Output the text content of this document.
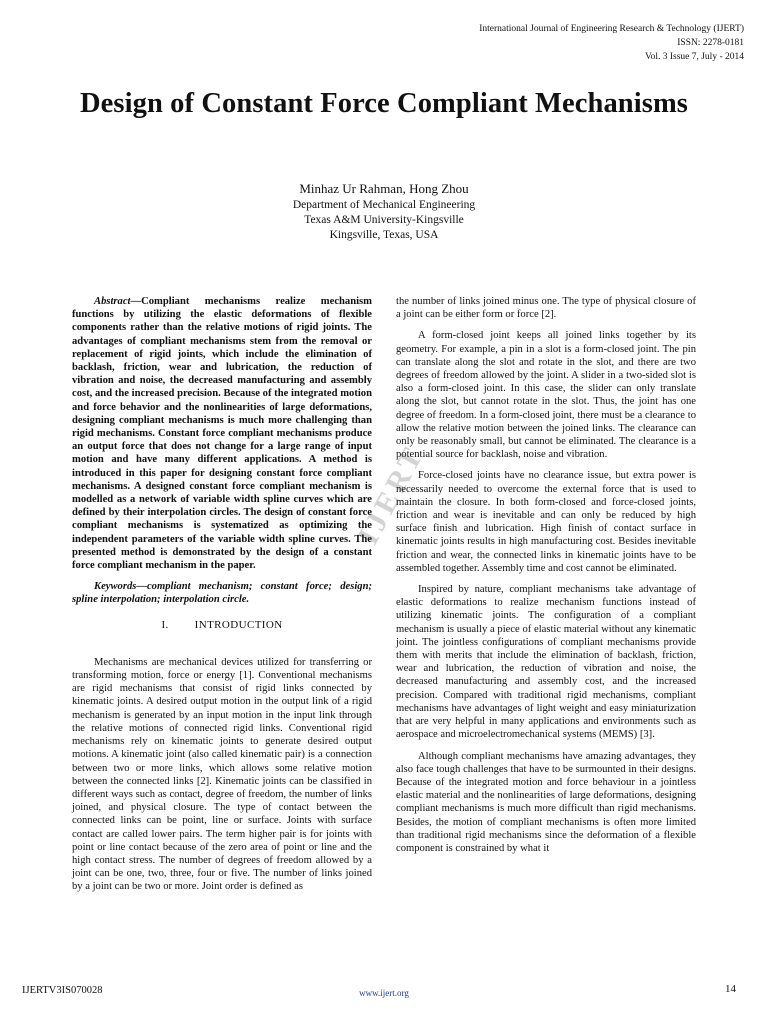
International Journal of Engineering Research & Technology (IJERT)
ISSN: 2278-0181
Vol. 3 Issue 7, July - 2014
Design of Constant Force Compliant Mechanisms
Minhaz Ur Rahman, Hong Zhou
Department of Mechanical Engineering
Texas A&M University-Kingsville
Kingsville, Texas, USA
IJERT

Abstract—Compliant mechanisms realize mechanism functions by utilizing the elastic deformations of flexible components rather than the relative motions of rigid joints. The advantages of compliant mechanisms stem from the removal or replacement of rigid joints, which include the elimination of backlash, friction, wear and lubrication, the reduction of vibration and noise, the decreased manufacturing and assembly cost, and the increased precision. Because of the integrated motion and force behavior and the nonlinearities of large deformations, designing compliant mechanisms is much more challenging than rigid mechanisms. Constant force compliant mechanisms produce an output force that does not change for a large range of input motion and have many different applications. A method is introduced in this paper for designing constant force compliant mechanisms. A designed constant force compliant mechanism is modelled as a network of variable width spline curves which are defined by their interpolation circles. The design of constant force compliant mechanisms is systematized as optimizing the independent parameters of the variable width spline curves. The presented method is demonstrated by the design of a constant force compliant mechanism in the paper.

Keywords—compliant mechanism; constant force; design; spline interpolation; interpolation circle.

I. INTRODUCTION

Mechanisms are mechanical devices utilized for transferring or transforming motion, force or energy [1]. Conventional mechanisms are rigid mechanisms that consist of rigid links connected by kinematic joints. A desired output motion in the output link of a rigid mechanism is generated by an input motion in the input link through the relative motions of connected rigid links. Conventional rigid mechanisms rely on kinematic joints to generate desired output motions. A kinematic joint (also called kinematic pair) is a connection between two or more links, which allows some relative motion between the connected links [2]. Kinematic joints can be classified in different ways such as contact, degree of freedom, the number of links joined, and physical closure. The type of contact between the connected links can be point, line or surface. Joints with surface contact are called lower pairs. The term higher pair is for joints with point or line contact because of the zero area of point or line and the high contact stress. The number of degrees of freedom allowed by a joint can be one, two, three, four or five. The number of links joined by a joint can be two or more. Joint order is defined as

the number of links joined minus one. The type of physical closure of a joint can be either form or force [2].

A form-closed joint keeps all joined links together by its geometry. For example, a pin in a slot is a form-closed joint. The pin can translate along the slot and rotate in the slot, and there are two degrees of freedom allowed by the joint. A slider in a two-sided slot is also a form-closed joint. In this case, the slider can only translate along the slot, but cannot rotate in the slot. Thus, the joint has one degree of freedom. In a form-closed joint, there must be a clearance to allow the relative motion between the joined links. The clearance can only be reasonably small, but cannot be eliminated. The clearance is a potential source for backlash, noise and vibration.

Force-closed joints have no clearance issue, but extra power is necessarily needed to overcome the external force that is used to maintain the closure. In both form-closed and force-closed joints, friction and wear is inevitable and can only be reduced by high surface finish and lubrication. High finish of contact surface in kinematic joints results in high manufacturing cost. Besides inevitable friction and wear, the connected links in kinematic joints have to be assembled together. Assembly time and cost cannot be eliminated.

Inspired by nature, compliant mechanisms take advantage of elastic deformations to realize mechanism functions instead of utilizing kinematic joints. The configuration of a compliant mechanism is usually a piece of elastic material without any kinematic joint. The jointless configurations of compliant mechanisms provide them with merits that include the elimination of backlash, friction, wear and lubrication, the reduction of vibration and noise, the decreased manufacturing and assembly cost, and the increased precision. Compared with traditional rigid mechanisms, compliant mechanisms have advantages of light weight and easy miniaturization that are very helpful in many applications and environments such as aerospace and microelectromechanical systems (MEMS) [3].

Although compliant mechanisms have amazing advantages, they also face tough challenges that have to be surmounted in their designs. Because of the integrated motion and force behaviour in a jointless elastic material and the nonlinearities of large deformations, designing compliant mechanisms is much more difficult than rigid mechanisms. Besides, the motion of compliant mechanisms is often more limited than traditional rigid mechanisms since the deformation of a flexible component is constrained by what it

IJERTV3IS070028	www.ijert.org	14
